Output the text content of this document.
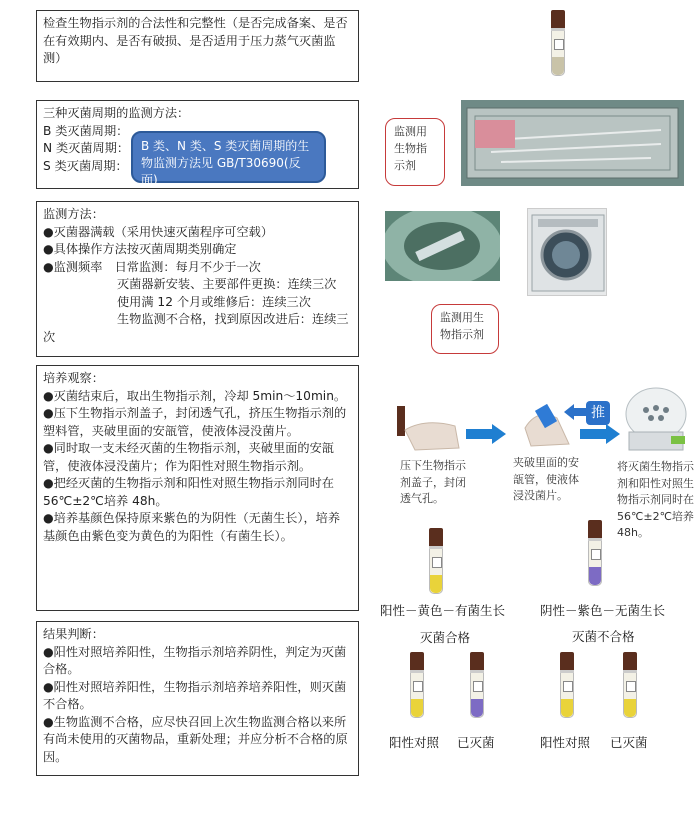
检查生物指示剂的合法性和完整性（是否完成备案、是否在有效期内、是否有破损、是否适用于压力蒸气灭菌监测）

三种灭菌周期的监测方法：

B 类灭菌周期：

N 类灭菌周期：

S 类灭菌周期：

B 类、N 类、S 类灭菌周期的生物监测方法见 GB/T30690(反面)

监测方法：

●灭菌器满载（采用快速灭菌程序可空载）

●具体操作方法按灭菌周期类别确定

●监测频率　日常监测：每月不少于一次

灭菌器新安装、主要部件更换：连续三次

使用满 12 个月或维修后：连续三次

生物监测不合格，找到原因改进后：连续三

次

培养观察：

●灭菌结束后，取出生物指示剂，冷却 5min～10min。

●压下生物指示剂盖子，封闭透气孔，挤压生物指示剂的塑料管，夹破里面的安瓿管，使液体浸没菌片。

●同时取一支未经灭菌的生物指示剂，夹破里面的安瓿管，使液体浸没菌片；作为阳性对照生物指示剂。

●把经灭菌的生物指示剂和阳性对照生物指示剂同时在 56℃±2℃培养 48h。

●培养基颜色保持原来紫色的为阴性（无菌生长），培养基颜色由紫色变为黄色的为阳性（有菌生长）。

结果判断：

●阳性对照培养阳性，生物指示剂培养阴性，判定为灭菌合格。

●阳性对照培养阳性，生物指示剂培养培养阳性，则灭菌不合格。

●生物监测不合格，应尽快召回上次生物监测合格以来所有尚未使用的灭菌物品，重新处理；并应分析不合格的原因。

监测用生物指示剂
监测用生物指示剂
推
压下生物指示剂盖子，封闭透气孔。
夹破里面的安瓿管，使液体浸没菌片。
将灭菌生物指示剂和阳性对照生物指示剂同时在 56℃±2℃培养 48h。
阳性－黄色－有菌生长	阴性－紫色－无菌生长
灭菌合格	灭菌不合格
阳性对照 已灭菌	阳性对照 已灭菌
